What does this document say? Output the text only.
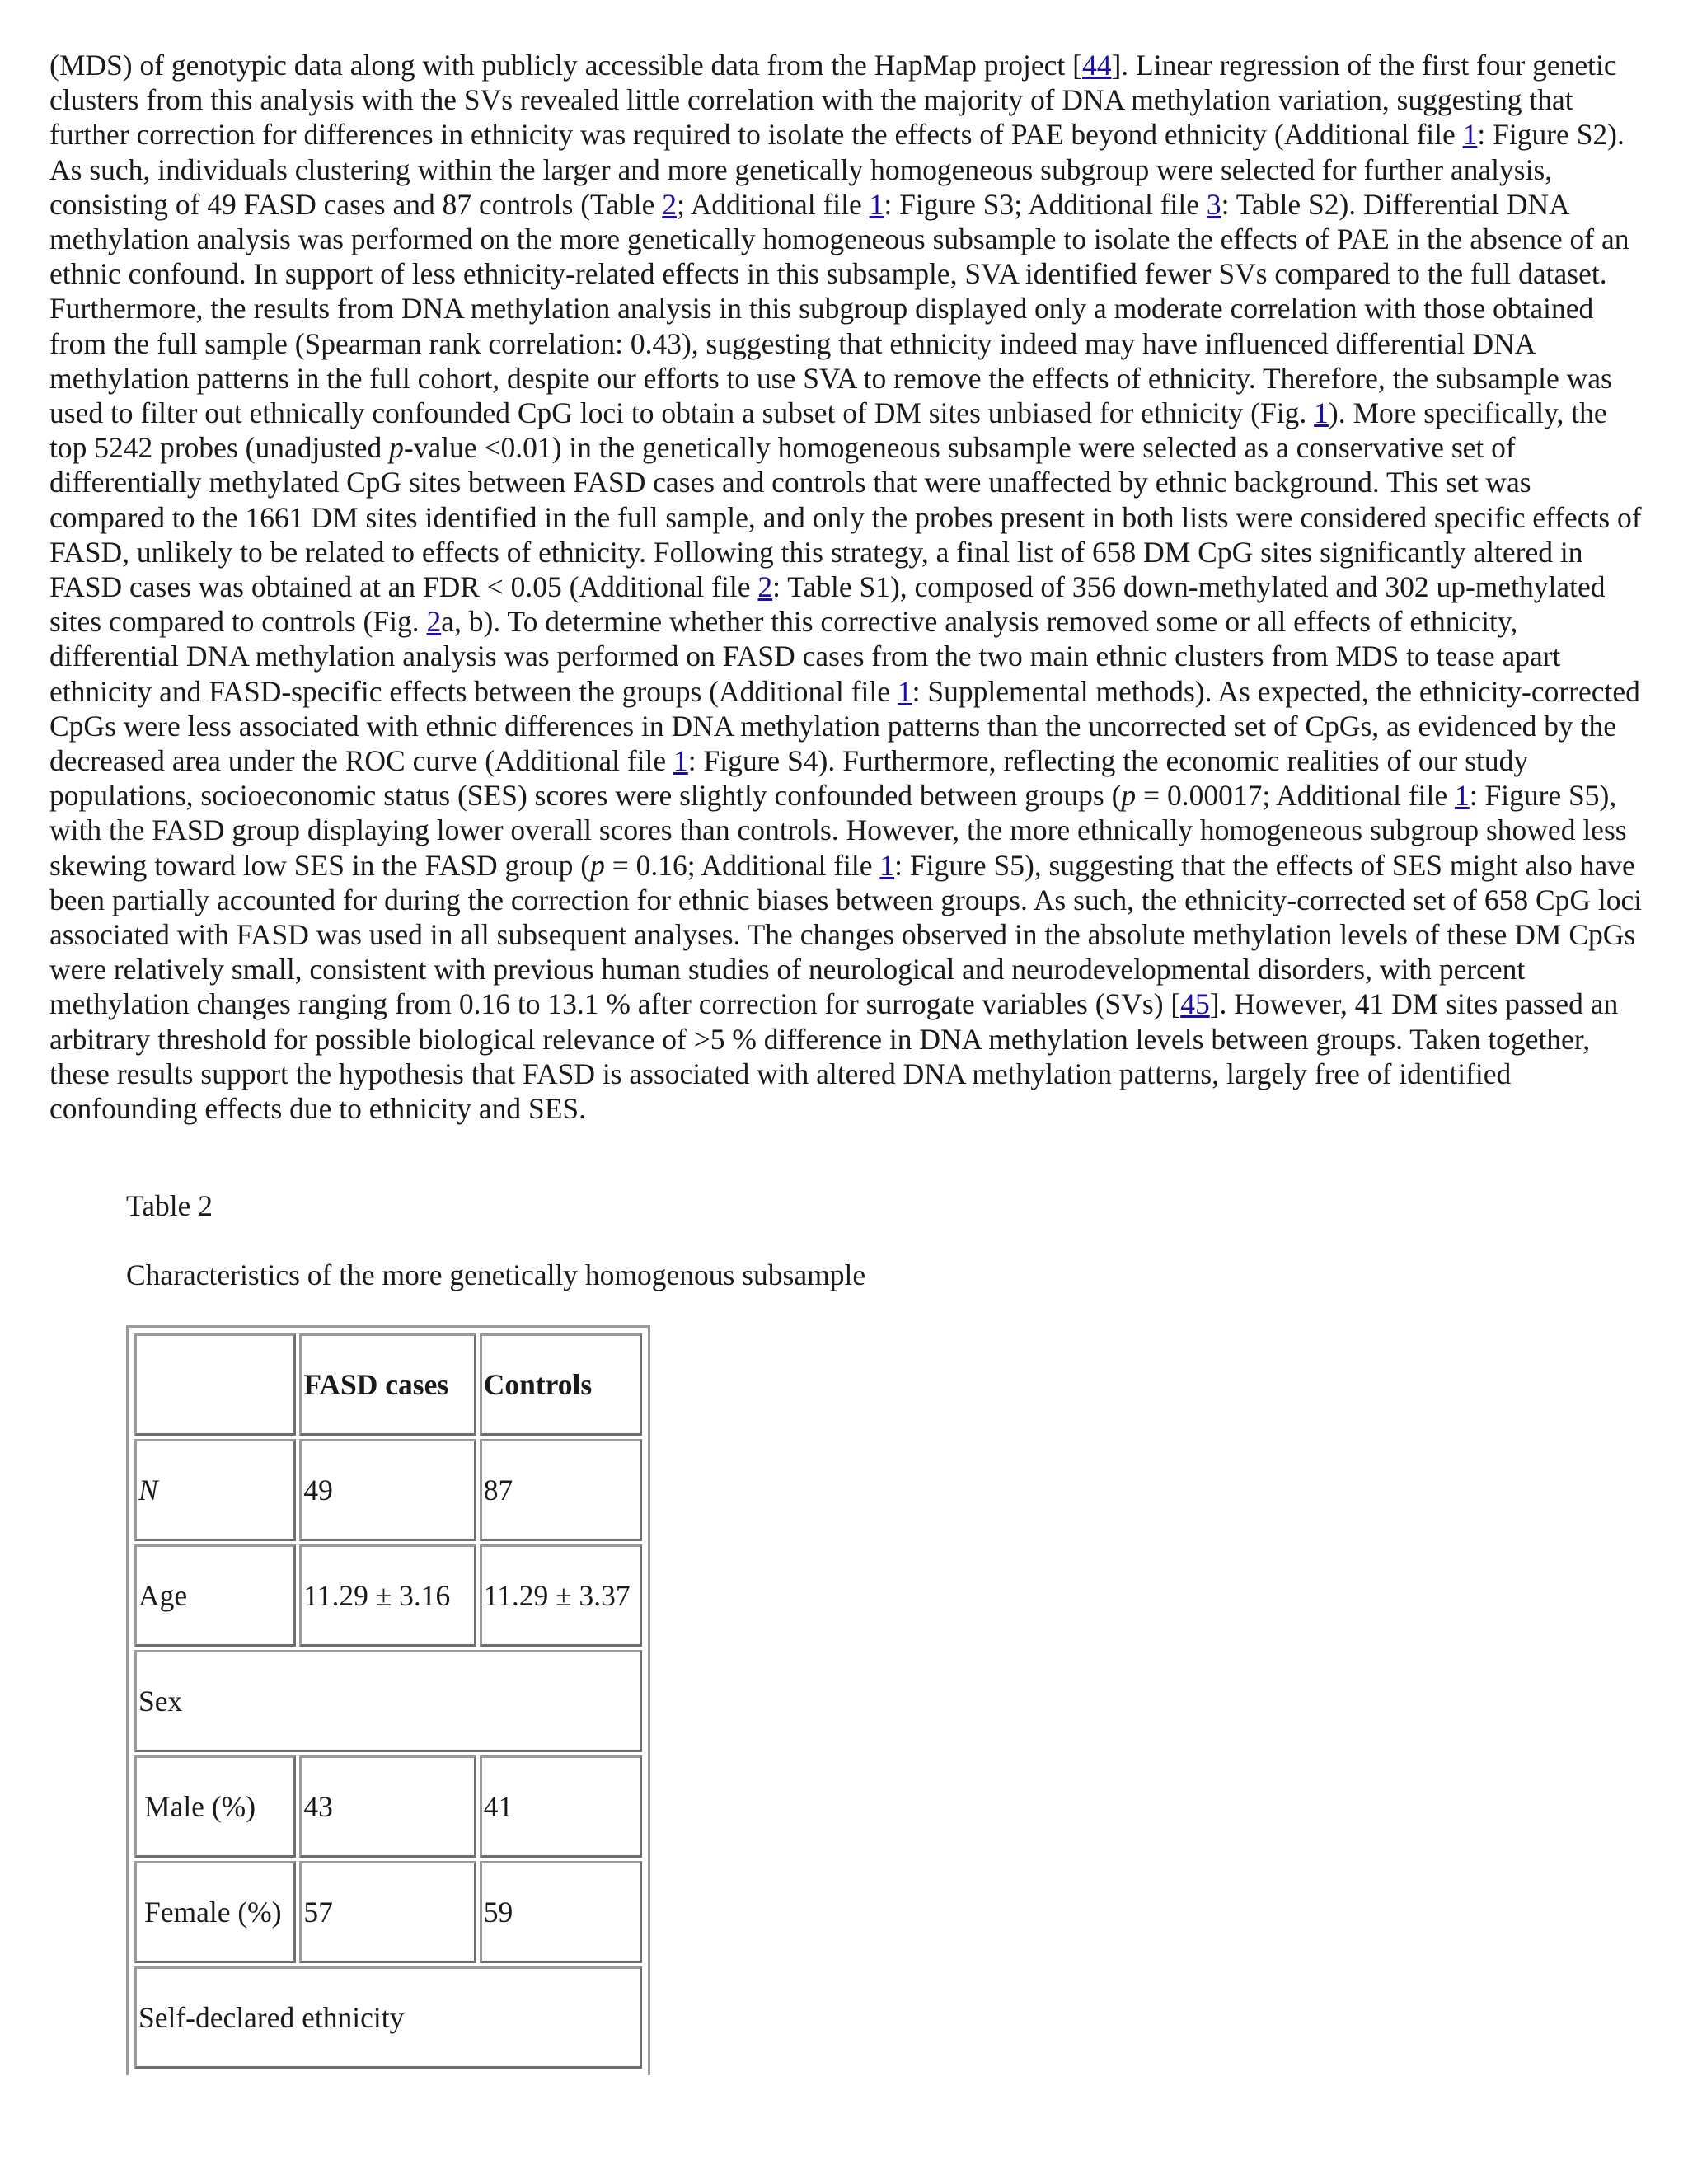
(MDS) of genotypic data along with publicly accessible data from the HapMap project [44]. Linear regression of the first four genetic clusters from this analysis with the SVs revealed little correlation with the majority of DNA methylation variation, suggesting that further correction for differences in ethnicity was required to isolate the effects of PAE beyond ethnicity (Additional file 1: Figure S2). As such, individuals clustering within the larger and more genetically homogeneous subgroup were selected for further analysis, consisting of 49 FASD cases and 87 controls (Table 2; Additional file 1: Figure S3; Additional file 3: Table S2). Differential DNA methylation analysis was performed on the more genetically homogeneous subsample to isolate the effects of PAE in the absence of an ethnic confound. In support of less ethnicity-related effects in this subsample, SVA identified fewer SVs compared to the full dataset. Furthermore, the results from DNA methylation analysis in this subgroup displayed only a moderate correlation with those obtained from the full sample (Spearman rank correlation: 0.43), suggesting that ethnicity indeed may have influenced differential DNA methylation patterns in the full cohort, despite our efforts to use SVA to remove the effects of ethnicity. Therefore, the subsample was used to filter out ethnically confounded CpG loci to obtain a subset of DM sites unbiased for ethnicity (Fig. 1). More specifically, the top 5242 probes (unadjusted p-value <0.01) in the genetically homogeneous subsample were selected as a conservative set of differentially methylated CpG sites between FASD cases and controls that were unaffected by ethnic background. This set was compared to the 1661 DM sites identified in the full sample, and only the probes present in both lists were considered specific effects of FASD, unlikely to be related to effects of ethnicity. Following this strategy, a final list of 658 DM CpG sites significantly altered in FASD cases was obtained at an FDR < 0.05 (Additional file 2: Table S1), composed of 356 down-methylated and 302 up-methylated sites compared to controls (Fig. 2a, b). To determine whether this corrective analysis removed some or all effects of ethnicity, differential DNA methylation analysis was performed on FASD cases from the two main ethnic clusters from MDS to tease apart ethnicity and FASD-specific effects between the groups (Additional file 1: Supplemental methods). As expected, the ethnicity-corrected CpGs were less associated with ethnic differences in DNA methylation patterns than the uncorrected set of CpGs, as evidenced by the decreased area under the ROC curve (Additional file 1: Figure S4). Furthermore, reflecting the economic realities of our study populations, socioeconomic status (SES) scores were slightly confounded between groups (p = 0.00017; Additional file 1: Figure S5), with the FASD group displaying lower overall scores than controls. However, the more ethnically homogeneous subgroup showed less skewing toward low SES in the FASD group (p = 0.16; Additional file 1: Figure S5), suggesting that the effects of SES might also have been partially accounted for during the correction for ethnic biases between groups. As such, the ethnicity-corrected set of 658 CpG loci associated with FASD was used in all subsequent analyses. The changes observed in the absolute methylation levels of these DM CpGs were relatively small, consistent with previous human studies of neurological and neurodevelopmental disorders, with percent methylation changes ranging from 0.16 to 13.1 % after correction for surrogate variables (SVs) [45]. However, 41 DM sites passed an arbitrary threshold for possible biological relevance of >5 % difference in DNA methylation levels between groups. Taken together, these results support the hypothesis that FASD is associated with altered DNA methylation patterns, largely free of identified confounding effects due to ethnicity and SES.

Table 2

Characteristics of the more genetically homogenous subsample

	FASD cases	Controls
N	49	87
Age	11.29 ± 3.16	11.29 ± 3.37
Sex		
Male (%)	43	41
Female (%)	57	59
Self-declared ethnicity		
